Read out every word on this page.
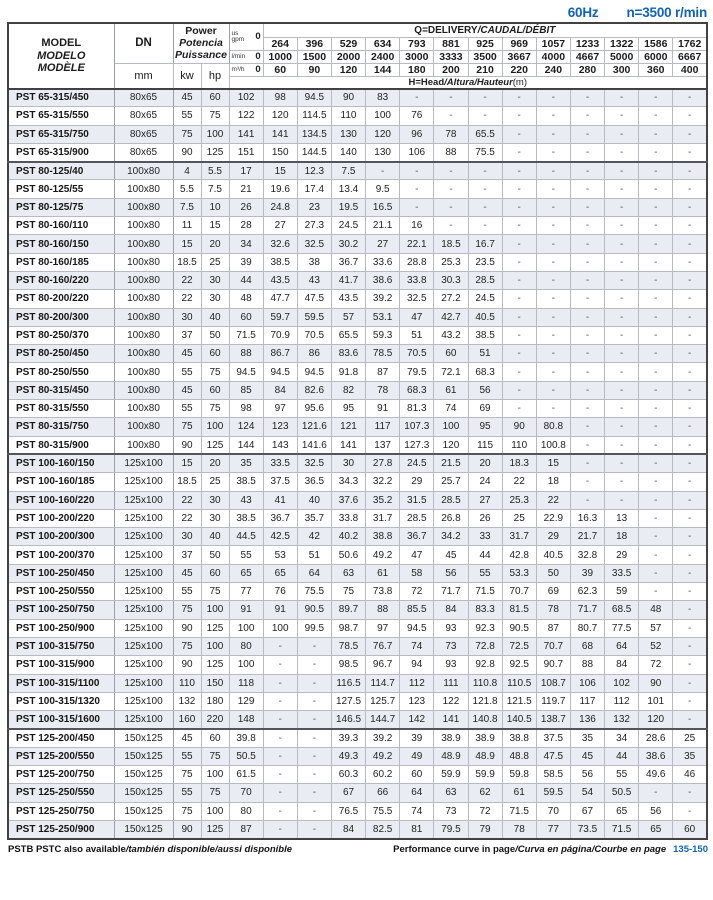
60Hz n=3500 r/min
MODEL
MODELO
MODÈLE
	DN	
Power
Potencia
Puissance

us gpm	0
	Q=DELIVERY/CAUDAL/DÉBIT
					264	396	529	634	793	881	925	969	1057	1233	1322	1586	1762

				l/min 0	1000	1500	2000	2400	3000	3333	3500	3667	4000	4667	5000	6000	6667
	mm	kw	hp	m³/h 0	60	90	120	144	180	200	210	220	240	280	300	360	400
				H=Head/Altura/Hauteur(m)													
PST 65-315/450	80x65	45	60	102	98	94.5	90	83	-	-	-	-	-	-	-	-	-
PST 65-315/550	80x65	55	75	122	120	114.5	110	100	76	-	-	-	-	-	-	-	-
PST 65-315/750	80x65	75	100	141	141	134.5	130	120	96	78	65.5	-	-	-	-	-	-
PST 65-315/900	80x65	90	125	151	150	144.5	140	130	106	88	75.5	-	-	-	-	-	-
PST 80-125/40	100x80	4	5.5	17	15	12.3	7.5	-	-	-	-	-	-	-	-	-	-
PST 80-125/55	100x80	5.5	7.5	21	19.6	17.4	13.4	9.5	-	-	-	-	-	-	-	-	-
PST 80-125/75	100x80	7.5	10	26	24.8	23	19.5	16.5	-	-	-	-	-	-	-	-	-
PST 80-160/110	100x80	11	15	28	27	27.3	24.5	21.1	16	-	-	-	-	-	-	-	-
PST 80-160/150	100x80	15	20	34	32.6	32.5	30.2	27	22.1	18.5	16.7	-	-	-	-	-	-
PST 80-160/185	100x80	18.5	25	39	38.5	38	36.7	33.6	28.8	25.3	23.5	-	-	-	-	-	-
PST 80-160/220	100x80	22	30	44	43.5	43	41.7	38.6	33.8	30.3	28.5	-	-	-	-	-	-
PST 80-200/220	100x80	22	30	48	47.7	47.5	43.5	39.2	32.5	27.2	24.5	-	-	-	-	-	-
PST 80-200/300	100x80	30	40	60	59.7	59.5	57	53.1	47	42.7	40.5	-	-	-	-	-	-
PST 80-250/370	100x80	37	50	71.5	70.9	70.5	65.5	59.3	51	43.2	38.5	-	-	-	-	-	-
PST 80-250/450	100x80	45	60	88	86.7	86	83.6	78.5	70.5	60	51	-	-	-	-	-	-
PST 80-250/550	100x80	55	75	94.5	94.5	94.5	91.8	87	79.5	72.1	68.3	-	-	-	-	-	-
PST 80-315/450	100x80	45	60	85	84	82.6	82	78	68.3	61	56	-	-	-	-	-	-
PST 80-315/550	100x80	55	75	98	97	95.6	95	91	81.3	74	69	-	-	-	-	-	-
PST 80-315/750	100x80	75	100	124	123	121.6	121	117	107.3	100	95	90	80.8	-	-	-	-
PST 80-315/900	100x80	90	125	144	143	141.6	141	137	127.3	120	115	110	100.8	-	-	-	-
PST 100-160/150	125x100	15	20	35	33.5	32.5	30	27.8	24.5	21.5	20	18.3	15	-	-	-	-
PST 100-160/185	125x100	18.5	25	38.5	37.5	36.5	34.3	32.2	29	25.7	24	22	18	-	-	-	-
PST 100-160/220	125x100	22	30	43	41	40	37.6	35.2	31.5	28.5	27	25.3	22	-	-	-	-
PST 100-200/220	125x100	22	30	38.5	36.7	35.7	33.8	31.7	28.5	26.8	26	25	22.9	16.3	13	-	-
PST 100-200/300	125x100	30	40	44.5	42.5	42	40.2	38.8	36.7	34.2	33	31.7	29	21.7	18	-	-
PST 100-200/370	125x100	37	50	55	53	51	50.6	49.2	47	45	44	42.8	40.5	32.8	29	-	-
PST 100-250/450	125x100	45	60	65	65	64	63	61	58	56	55	53.3	50	39	33.5	-	-
PST 100-250/550	125x100	55	75	77	76	75.5	75	73.8	72	71.7	71.5	70.7	69	62.3	59	-	-
PST 100-250/750	125x100	75	100	91	91	90.5	89.7	88	85.5	84	83.3	81.5	78	71.7	68.5	48	-
PST 100-250/900	125x100	90	125	100	100	99.5	98.7	97	94.5	93	92.3	90.5	87	80.7	77.5	57	-
PST 100-315/750	125x100	75	100	80	-	-	78.5	76.7	74	73	72.8	72.5	70.7	68	64	52	-
PST 100-315/900	125x100	90	125	100	-	-	98.5	96.7	94	93	92.8	92.5	90.7	88	84	72	-
PST 100-315/1100	125x100	110	150	118	-	-	116.5	114.7	112	111	110.8	110.5	108.7	106	102	90	-
PST 100-315/1320	125x100	132	180	129	-	-	127.5	125.7	123	122	121.8	121.5	119.7	117	112	101	-
PST 100-315/1600	125x100	160	220	148	-	-	146.5	144.7	142	141	140.8	140.5	138.7	136	132	120	-
PST 125-200/450	150x125	45	60	39.8	-	-	39.3	39.2	39	38.9	38.9	38.8	37.5	35	34	28.6	25
PST 125-200/550	150x125	55	75	50.5	-	-	49.3	49.2	49	48.9	48.9	48.8	47.5	45	44	38.6	35
PST 125-200/750	150x125	75	100	61.5	-	-	60.3	60.2	60	59.9	59.9	59.8	58.5	56	55	49.6	46
PST 125-250/550	150x125	55	75	70	-	-	67	66	64	63	62	61	59.5	54	50.5	-	-
PST 125-250/750	150x125	75	100	80	-	-	76.5	75.5	74	73	72	71.5	70	67	65	56	-
PST 125-250/900	150x125	90	125	87	-	-	84	82.5	81	79.5	79	78	77	73.5	71.5	65	60
PSTB PSTC also available/también disponible/aussi disponible	Performance curve in page/Curva en página/Courbe en page 135-150
